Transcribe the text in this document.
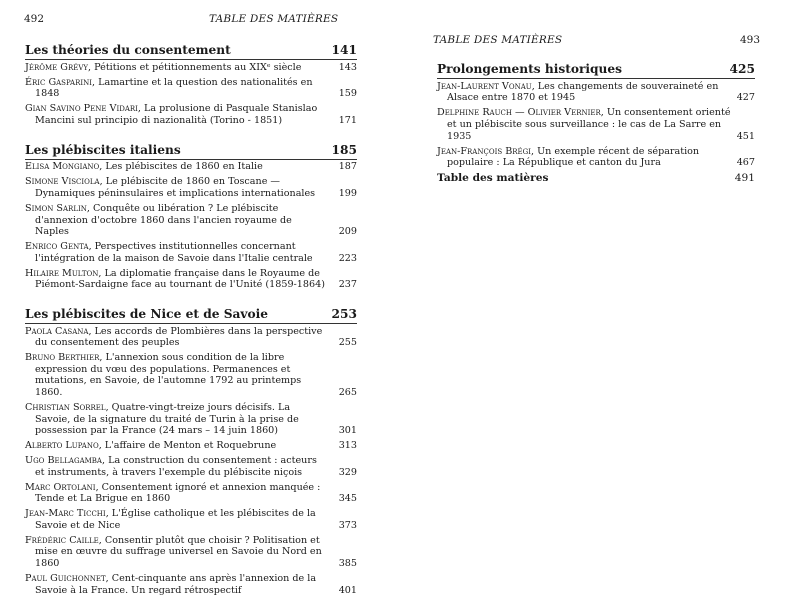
492	TABLE DES MATIÈRES
Les théories du consentement	141
Jérôme Grévy, Pétitions et pétitionnements au XIXᵉ siècle	143
Éric Gasparini, Lamartine et la question des nationalités en 1848	159
Gian Savino Pene Vidari, La prolusione di Pasquale Stanislao Mancini sul principio di nazionalità (Torino - 1851)	171
Les plébiscites italiens	185
Elisa Mongiano, Les plébiscites de 1860 en Italie	187
Simone Visciola, Le plébiscite de 1860 en Toscane — Dynamiques péninsulaires et implications internationales	199
Simon Sarlin, Conquête ou libération ? Le plébiscite d'annexion d'octobre 1860 dans l'ancien royaume de Naples	209
Enrico Genta, Perspectives institutionnelles concernant l'intégration de la maison de Savoie dans l'Italie centrale	223
Hilaire Multon, La diplomatie française dans le Royaume de Piémont-Sardaigne face au tournant de l'Unité (1859-1864) 237
Les plébiscites de Nice et de Savoie	253
Paola Casana, Les accords de Plombières dans la perspective du consentement des peuples	255
Bruno Berthier, L'annexion sous condition de la libre expression du vœu des populations. Permanences et mutations, en Savoie, de l'automne 1792 au printemps 1860.	265
Christian Sorrel, Quatre-vingt-treize jours décisifs. La Savoie, de la signature du traité de Turin à la prise de possession par la France (24 mars – 14 juin 1860)	301
Alberto Lupano, L'affaire de Menton et Roquebrune	313
Ugo Bellagamba, La construction du consentement : acteurs et instruments, à travers l'exemple du plébiscite niçois	329
Marc Ortolani, Consentement ignoré et annexion manquée : Tende et La Brigue en 1860	345
Jean-Marc Ticchi, L'Église catholique et les plébiscites de la Savoie et de Nice	373
Frédéric Caille, Consentir plutôt que choisir ? Politisation et mise en œuvre du suffrage universel en Savoie du Nord en 1860	385
Paul Guichonnet, Cent-cinquante ans après l'annexion de la Savoie à la France. Un regard rétrospectif	401
TABLE DES MATIÈRES	493
Prolongements historiques	425
Jean-Laurent Vonau, Les changements de souveraineté en Alsace entre 1870 et 1945	427
Delphine Rauch — Olivier Vernier, Un consentement orienté et un plébiscite sous surveillance : le cas de La Sarre en 1935	451
Jean-François Brégi, Un exemple récent de séparation populaire : La République et canton du Jura	467
Table des matières	491
